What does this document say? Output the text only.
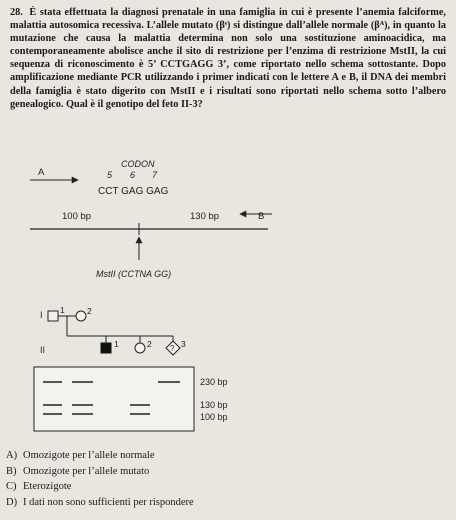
28. È stata effettuata la diagnosi prenatale in una famiglia in cui è presente l’anemia falciforme, malattia autosomica recessiva. L’allele mutato (βˢ) si distingue dall’allele normale (βᴬ), in quanto la mutazione che causa la malattia determina non solo una sostituzione aminoacidica, ma contemporaneamente abolisce anche il sito di restrizione per l’enzima di restrizione MstII, la cui sequenza di riconoscimento è 5’ CCTGAGG 3’, come riportato nello schema sottostante. Dopo amplificazione mediante PCR utilizzando i primer indicati con le lettere A e B, il DNA dei membri della famiglia è stato digerito con MstII e i risultati sono riportati nello schema sotto l’albero genealogico. Qual è il genotipo del feto II-3?
CODON
5 6 7
A
CCT GAG GAG
100 bp	130 bp	B
MstII (CCTNA GG)
I 1	2
II
1	2 ? 3
230 bp
130 bp
100 bp
A) Omozigote per l’allele normale
B) Omozigote per l’allele mutato
C) Eterozigote
D) I dati non sono sufficienti per rispondere
